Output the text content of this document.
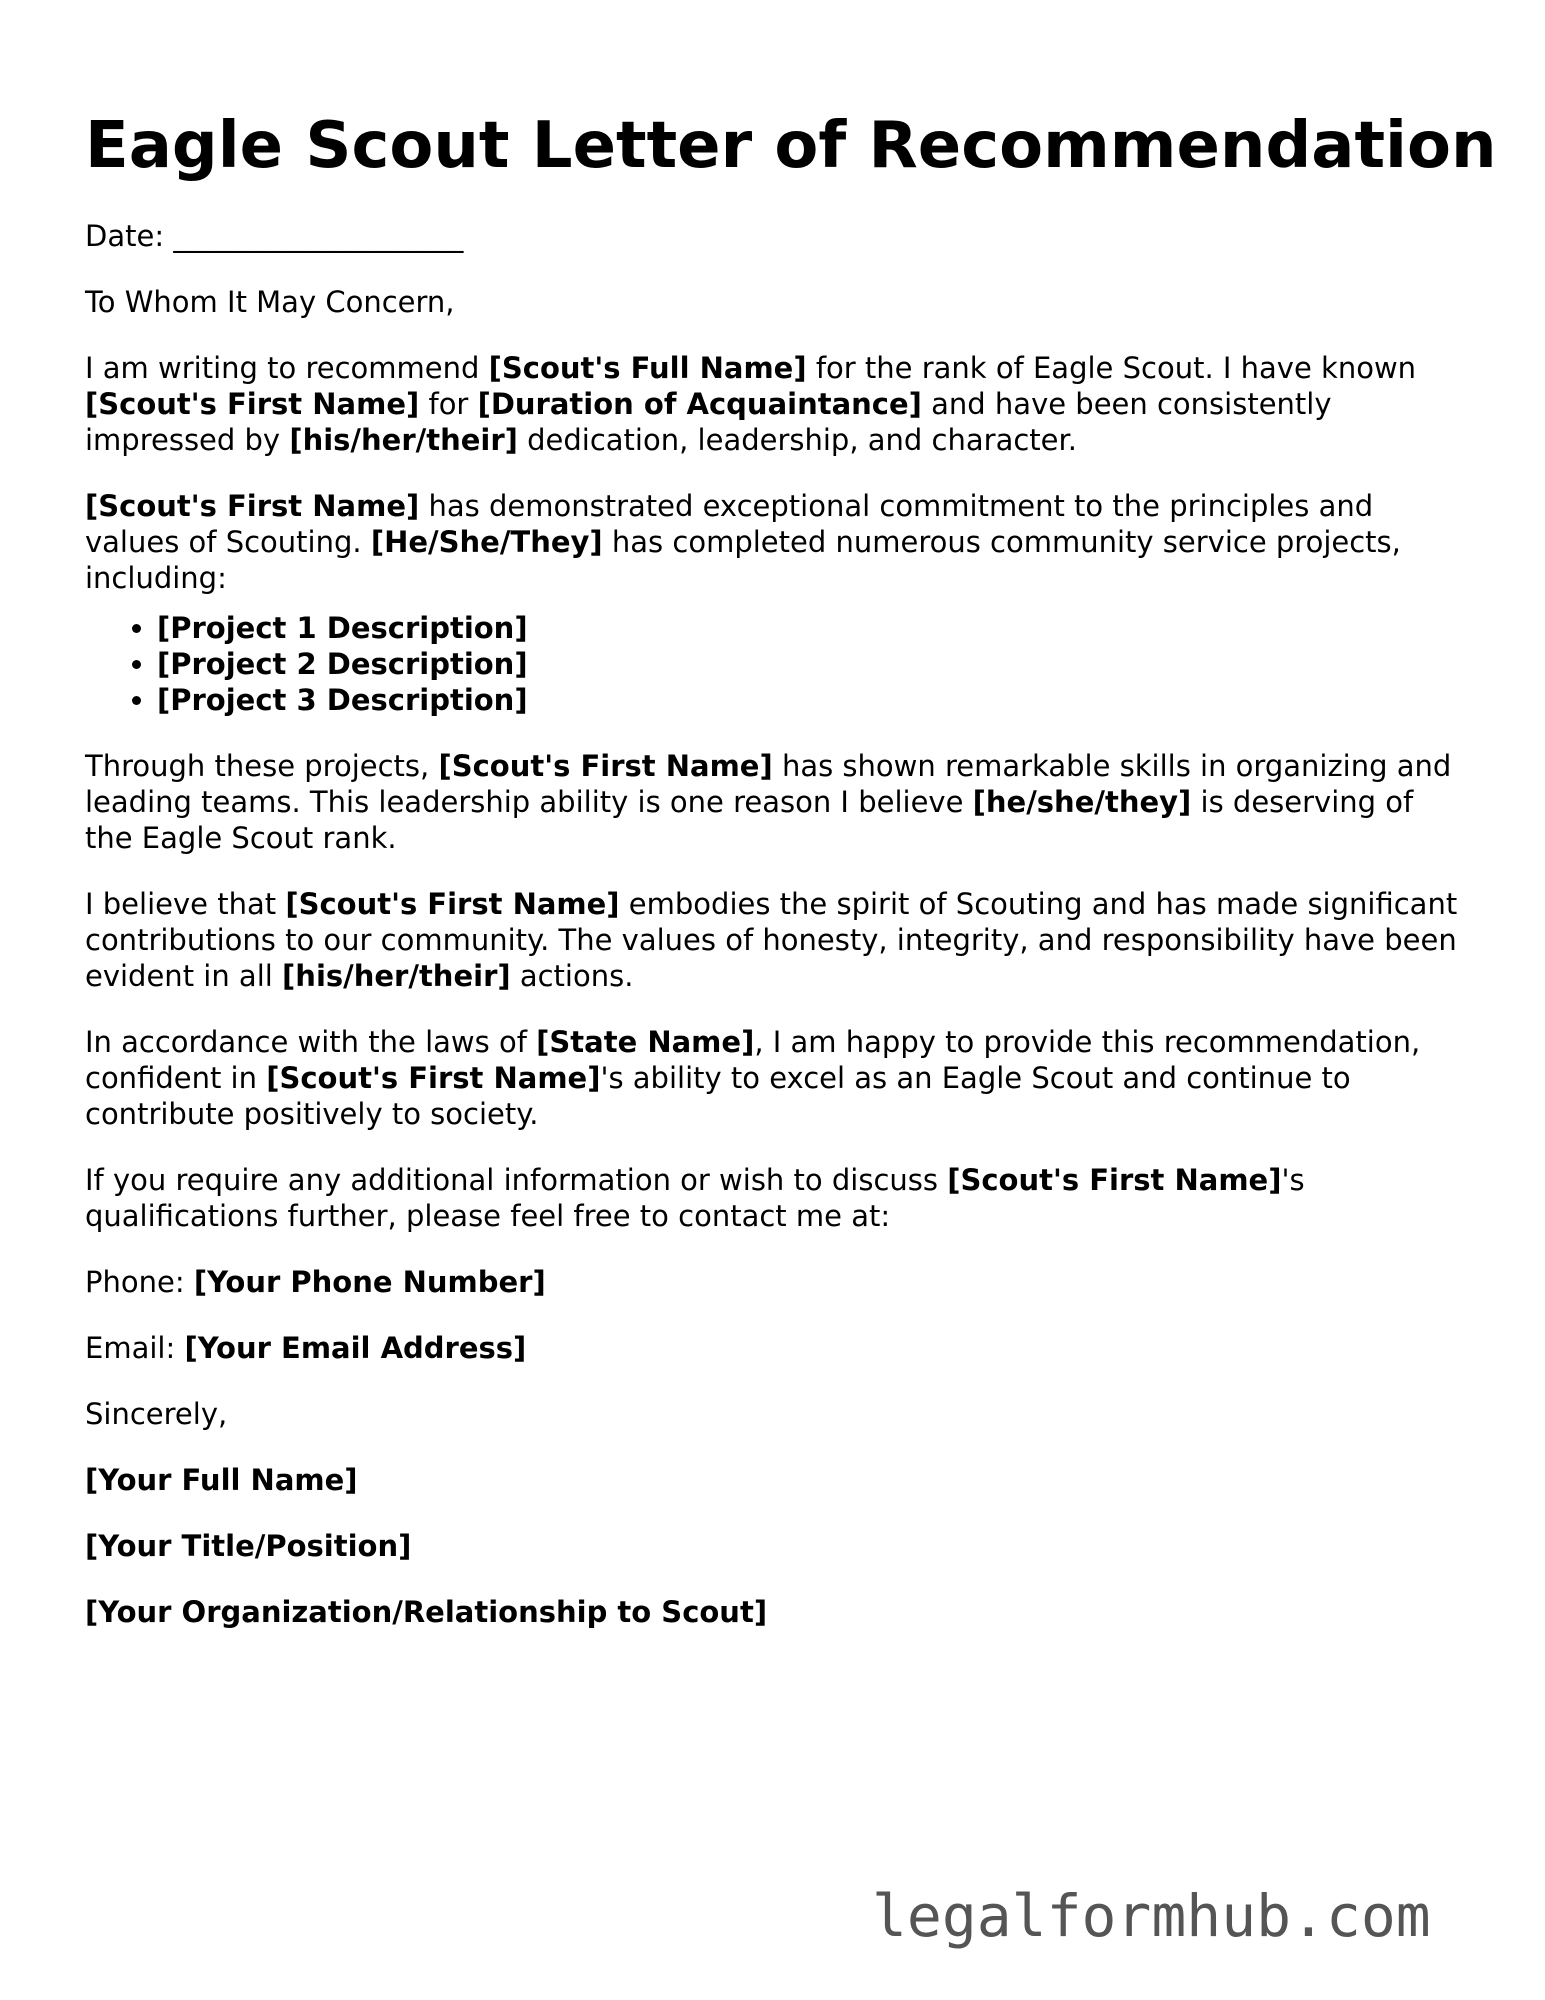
Eagle Scout Letter of Recommendation

Date: ____________________

To Whom It May Concern,

I am writing to recommend [Scout's Full Name] for the rank of Eagle Scout. I have known [Scout's First Name] for [Duration of Acquaintance] and have been consistently impressed by [his/her/their] dedication, leadership, and character.

[Scout's First Name] has demonstrated exceptional commitment to the principles and values of Scouting. [He/She/They] has completed numerous community service projects, including:

• [Project 1 Description]
• [Project 2 Description]
• [Project 3 Description]

Through these projects, [Scout's First Name] has shown remarkable skills in organizing and leading teams. This leadership ability is one reason I believe [he/she/they] is deserving of the Eagle Scout rank.

I believe that [Scout's First Name] embodies the spirit of Scouting and has made significant contributions to our community. The values of honesty, integrity, and responsibility have been evident in all [his/her/their] actions.

In accordance with the laws of [State Name], I am happy to provide this recommendation, confident in [Scout's First Name]'s ability to excel as an Eagle Scout and continue to contribute positively to society.

If you require any additional information or wish to discuss [Scout's First Name]'s qualifications further, please feel free to contact me at:

Phone: [Your Phone Number]

Email: [Your Email Address]

Sincerely,

[Your Full Name]

[Your Title/Position]

[Your Organization/Relationship to Scout]

legalformhub.com
